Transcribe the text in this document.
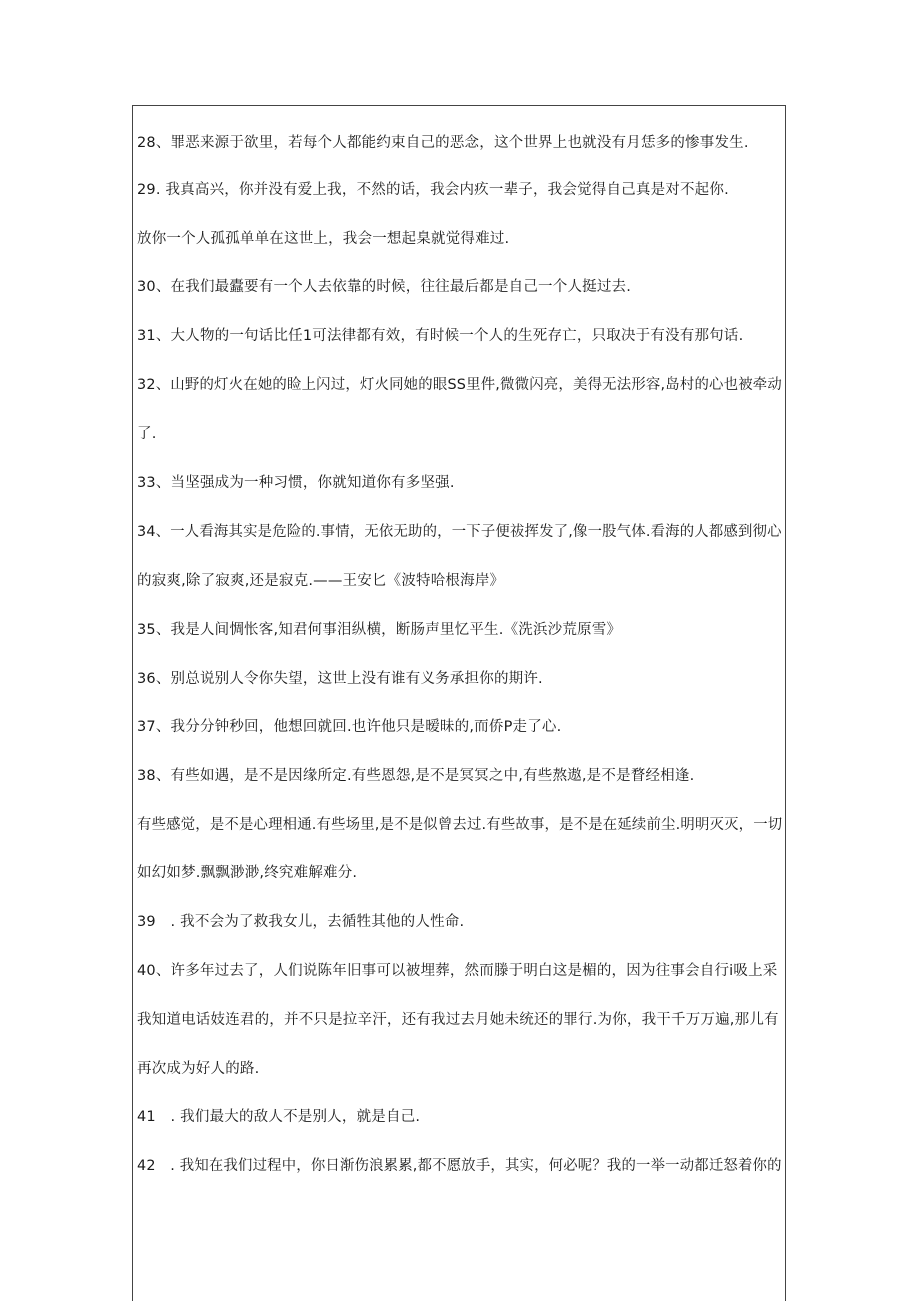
28、罪恶来源于欲里，若每个人都能约束自己的恶念，这个世界上也就没有月恁多的惨事发生.
29. 我真高兴，你并没有爱上我，不然的话，我会内疚一辈子，我会觉得自己真是对不起你.
放你一个人孤孤单单在这世上，我会一想起臬就觉得难过.
30、在我们最蠹要有一个人去依靠的时候，往往最后都是自己一个人挺过去.
31、大人物的一句话比任1可法律都有效，有时候一个人的生死存亡，只取决于有没有那句话.
32、山野的灯火在她的睑上闪过，灯火同她的眼SS里件,微微闪亮，美得无法形容,岛村的心也被牵动
了.
33、当坚强成为一种习惯，你就知道你有多坚强.
34、一人看海其实是危险的.事情，无依无助的，一下子便祓挥发了,像一股气体.看海的人都感到彻心
的寂爽,除了寂爽,还是寂克.——王安匕《波特哈根海岸》
35、我是人间惆怅客,知君何事泪纵横，断肠声里忆平生.《洗浜沙荒原雪》
36、别总说别人令你失望，这世上没有谁有义务承担你的期许.
37、我分分钟秒回，他想回就回.也许他只是暧昧的,而侨P走了心.
38、有些如遇，是不是因缘所定.有些恩怨,是不是冥冥之中,有些熬遨,是不是瞀经相逢.
有些感觉，是不是心理相通.有些场里,是不是似曾去过.有些故事，是不是在延续前尘.明明灭灭，一切
如幻如梦.飘飘渺渺,终究难解难分.
39　. 我不会为了救我女儿，去循牲其他的人性命.
40、许多年过去了，人们说陈年旧事可以被埋葬，然而滕于明白这是楣的，因为往事会自行i吸上采
我知道电话妓连君的，并不只是拉辛汗，还有我过去月她未统还的罪行.为你，我干千万万遍,那儿有
再次成为好人的路.
41　. 我们最大的敌人不是别人，就是自己.
42　. 我知在我们过程中，你日渐伤浪累累,都不愿放手，其实，何必呢？我的一举一动都迁怒着你的
